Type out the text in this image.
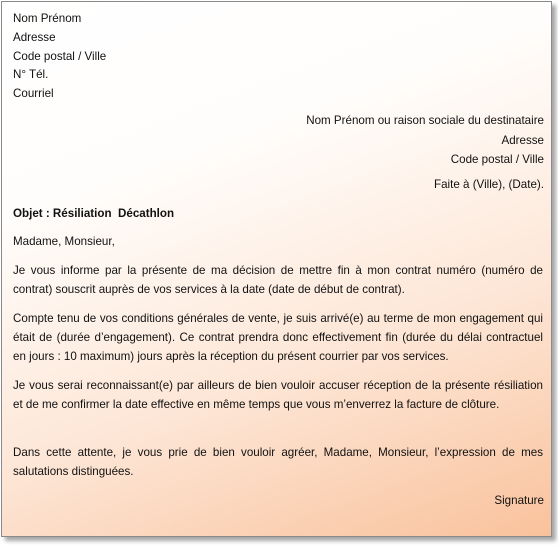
Nom Prénom
Adresse
Code postal / Ville
N° Tél.
Courriel
Nom Prénom ou raison sociale du destinataire
Adresse
Code postal / Ville
Faite à (Ville), (Date).
Objet : Résiliation  Décathlon
Madame, Monsieur,
Je vous informe par la présente de ma décision de mettre fin à mon contrat numéro (numéro de contrat) souscrit auprès de vos services à la date (date de début de contrat).
Compte tenu de vos conditions générales de vente, je suis arrivé(e) au terme de mon engagement qui était de (durée d’engagement). Ce contrat prendra donc effectivement fin (durée du délai contractuel en jours : 10 maximum) jours après la réception du présent courrier par vos services.
Je vous serai reconnaissant(e) par ailleurs de bien vouloir accuser réception de la présente résiliation et de me confirmer la date effective en même temps que vous m’enverrez la facture de clôture.
Dans cette attente, je vous prie de bien vouloir agréer, Madame, Monsieur, l’expression de mes salutations distinguées.
Signature
